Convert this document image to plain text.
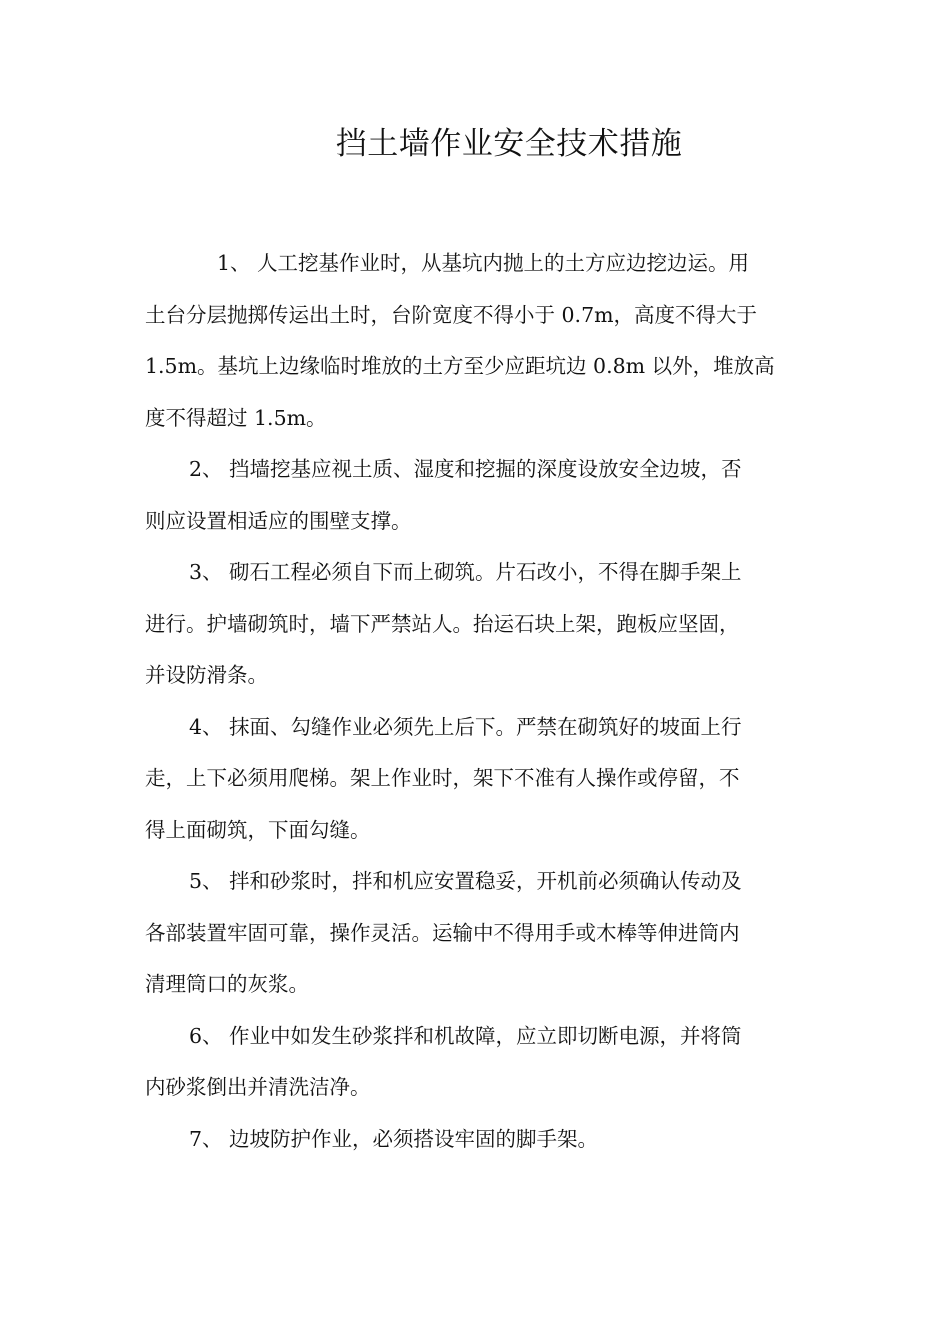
挡土墙作业安全技术措施
1、 人工挖基作业时，从基坑内抛上的土方应边挖边运。用
土台分层抛掷传运出土时，台阶宽度不得小于 0.7m，高度不得大于
1.5m。基坑上边缘临时堆放的土方至少应距坑边 0.8m 以外，堆放高
度不得超过 1.5m。
2、 挡墙挖基应视土质、湿度和挖掘的深度设放安全边坡，否
则应设置相适应的围壁支撑。
3、 砌石工程必须自下而上砌筑。片石改小，不得在脚手架上
进行。护墙砌筑时，墙下严禁站人。抬运石块上架，跑板应坚固，
并设防滑条。
4、 抹面、勾缝作业必须先上后下。严禁在砌筑好的坡面上行
走，上下必须用爬梯。架上作业时，架下不准有人操作或停留，不
得上面砌筑，下面勾缝。
5、 拌和砂浆时，拌和机应安置稳妥，开机前必须确认传动及
各部装置牢固可靠，操作灵活。运输中不得用手或木棒等伸进筒内
清理筒口的灰浆。
6、 作业中如发生砂浆拌和机故障，应立即切断电源，并将筒
内砂浆倒出并清洗洁净。
7、 边坡防护作业，必须搭设牢固的脚手架。
